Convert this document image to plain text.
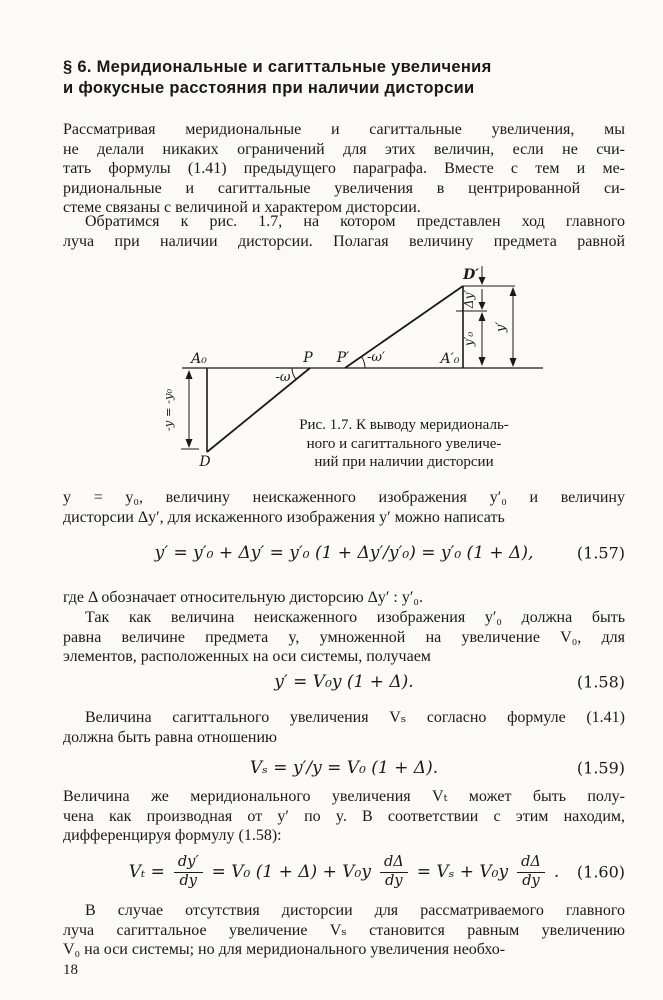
§ 6. Меридиональные и сагиттальные увеличения
и фокусные расстояния при наличии дисторсии
Рассматривая меридиональные и сагиттальные увеличения, мы
не делали никаких ограничений для этих величин, если не счи-
тать формулы (1.41) предыдущего параграфа. Вместе с тем и ме-
ридиональные и сагиттальные увеличения в центрированной си-
стеме связаны с величиной и характером дисторсии.
Обратимся к рис. 1.7, на котором представлен ход главного
луча при наличии дисторсии. Полагая величину предмета равной
A₀	P P′	A′₀
D
D′
-ω
-ω′
Δy′
y′₀
y′
-y = -y₀	Рис. 1.7. К выводу меридиональ-
ного и сагиттального увеличе-
ний при наличии дисторсии
y = y₀, величину неискаженного изображения y′₀ и величину
дисторсии Δy′, для искаженного изображения y′ можно написать
y′ = y′₀ + Δy′ = y′₀ (1 + Δy′/y′₀) = y′₀ (1 + Δ),	(1.57)
где Δ обозначает относительную дисторсию Δy′ : y′₀.
Так как величина неискаженного изображения y′₀ должна быть
равна величине предмета y, умноженной на увеличение V₀, для
элементов, расположенных на оси системы, получаем
y′ = V₀y (1 + Δ).	(1.58)
Величина сагиттального увеличения Vₛ согласно формуле (1.41)
должна быть равна отношению
Vₛ = y′/y = V₀ (1 + Δ).	(1.59)
Величина же меридионального увеличения Vₜ может быть полу-
чена как производная от y′ по y. В соответствии с этим находим,
дифференцируя формулу (1.58):
$V_t = \frac{dy'}{dy} = V_0$ $(1 + \Delta) + V_0y \frac{d\Delta}{dy} = V_s + V_0y \frac{d\Delta}{dy}$ . (1.60)
В случае отсутствия дисторсии для рассматриваемого главного
луча сагиттальное увеличение Vₛ становится равным увеличению
V₀ на оси системы; но для меридионального увеличения необхо-
18
